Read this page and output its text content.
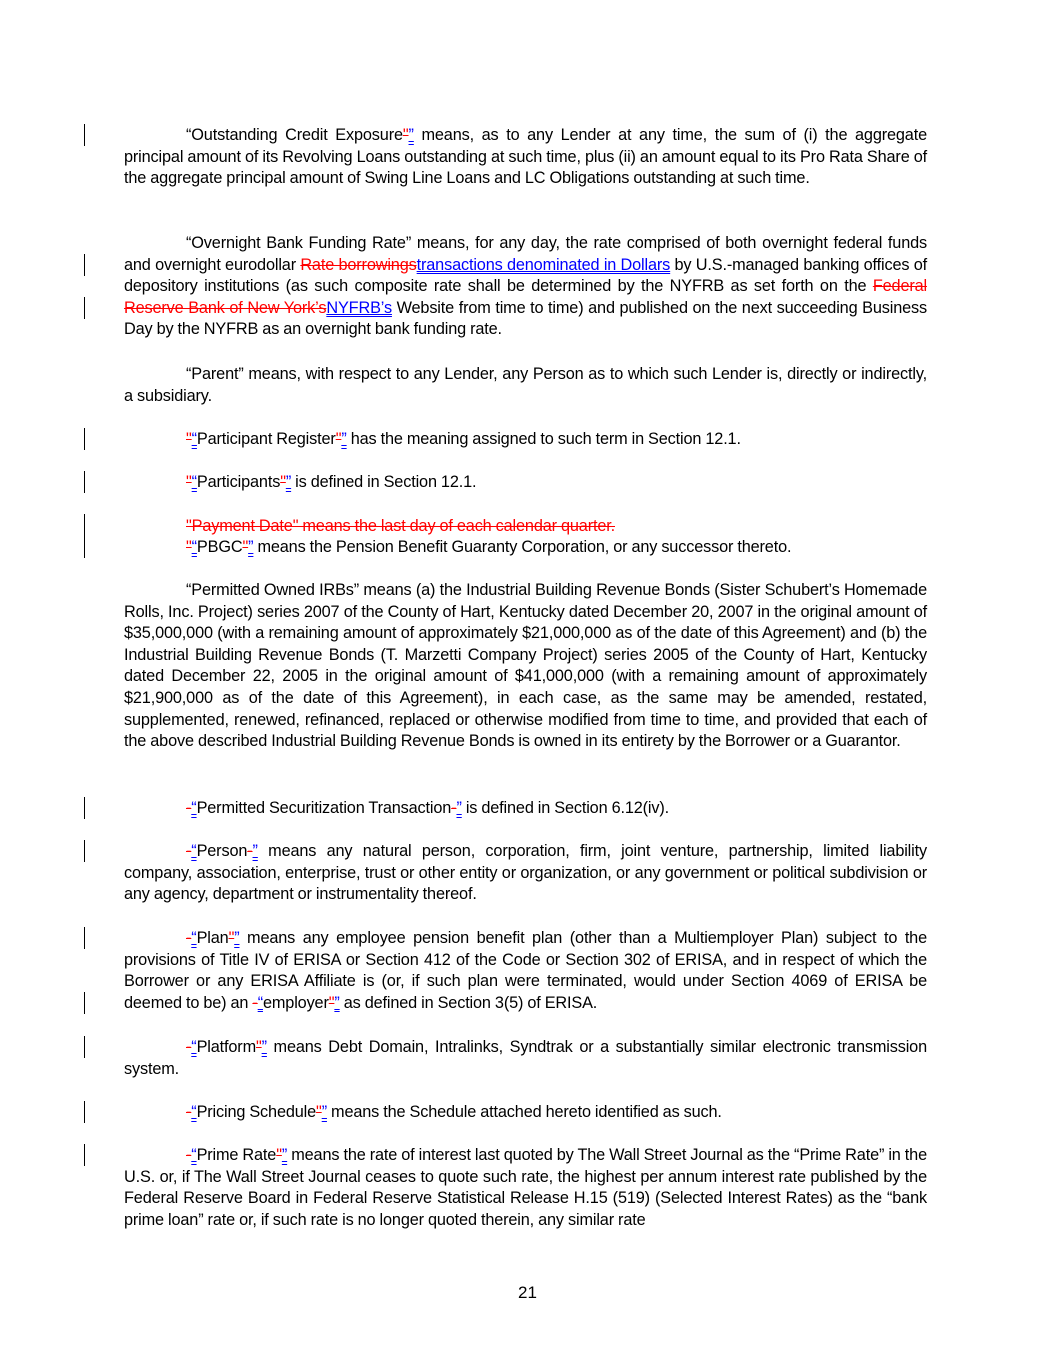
“Outstanding Credit Exposure"” means, as to any Lender at any time, the sum of (i) the aggregate principal amount of its Revolving Loans outstanding at such time, plus (ii) an amount equal to its Pro Rata Share of the aggregate principal amount of Swing Line Loans and LC Obligations outstanding at such time.
“Overnight Bank Funding Rate” means, for any day, the rate comprised of both overnight federal funds and overnight eurodollar Rate borrowingstransactions denominated in Dollars by U.S.-managed banking offices of depository institutions (as such composite rate shall be determined by the NYFRB as set forth on the Federal Reserve Bank of New York’sNYFRB’s Website from time to time) and published on the next succeeding Business Day by the NYFRB as an overnight bank funding rate.
“Parent” means, with respect to any Lender, any Person as to which such Lender is, directly or indirectly, a subsidiary.
"“Participant Register"” has the meaning assigned to such term in Section 12.1.
"“Participants"” is defined in Section 12.1.
"Payment Date" means the last day of each calendar quarter.
"“PBGC"” means the Pension Benefit Guaranty Corporation, or any successor thereto.
“Permitted Owned IRBs” means (a) the Industrial Building Revenue Bonds (Sister Schubert’s Homemade Rolls, Inc. Project) series 2007 of the County of Hart, Kentucky dated December 20, 2007 in the original amount of $35,000,000 (with a remaining amount of approximately $21,000,000 as of the date of this Agreement) and (b) the Industrial Building Revenue Bonds (T. Marzetti Company Project) series 2005 of the County of Hart, Kentucky dated December 22, 2005 in the original amount of $41,000,000 (with a remaining amount of approximately $21,900,000 as of the date of this Agreement), in each case, as the same may be amended, restated, supplemented, renewed, refinanced, replaced or otherwise modified from time to time, and provided that each of the above described Industrial Building Revenue Bonds is owned in its entirety by the Borrower or a Guarantor.
-“Permitted Securitization Transaction-” is defined in Section 6.12(iv).
-“Person-” means any natural person, corporation, firm, joint venture, partnership, limited liability company, association, enterprise, trust or other entity or organization, or any government or political subdivision or any agency, department or instrumentality thereof.
-“Plan"” means any employee pension benefit plan (other than a Multiemployer Plan) subject to the provisions of Title IV of ERISA or Section 412 of the Code or Section 302 of ERISA, and in respect of which the Borrower or any ERISA Affiliate is (or, if such plan were terminated, would under Section 4069 of ERISA be deemed to be) an -“employer"” as defined in Section 3(5) of ERISA.
-“Platform"” means Debt Domain, Intralinks, Syndtrak or a substantially similar electronic transmission system.
-“Pricing Schedule"” means the Schedule attached hereto identified as such.
-“Prime Rate"” means the rate of interest last quoted by The Wall Street Journal as the “Prime Rate” in the U.S. or, if The Wall Street Journal ceases to quote such rate, the highest per annum interest rate published by the Federal Reserve Board in Federal Reserve Statistical Release H.15 (519) (Selected Interest Rates) as the “bank prime loan” rate or, if such rate is no longer quoted therein, any similar rate
21
